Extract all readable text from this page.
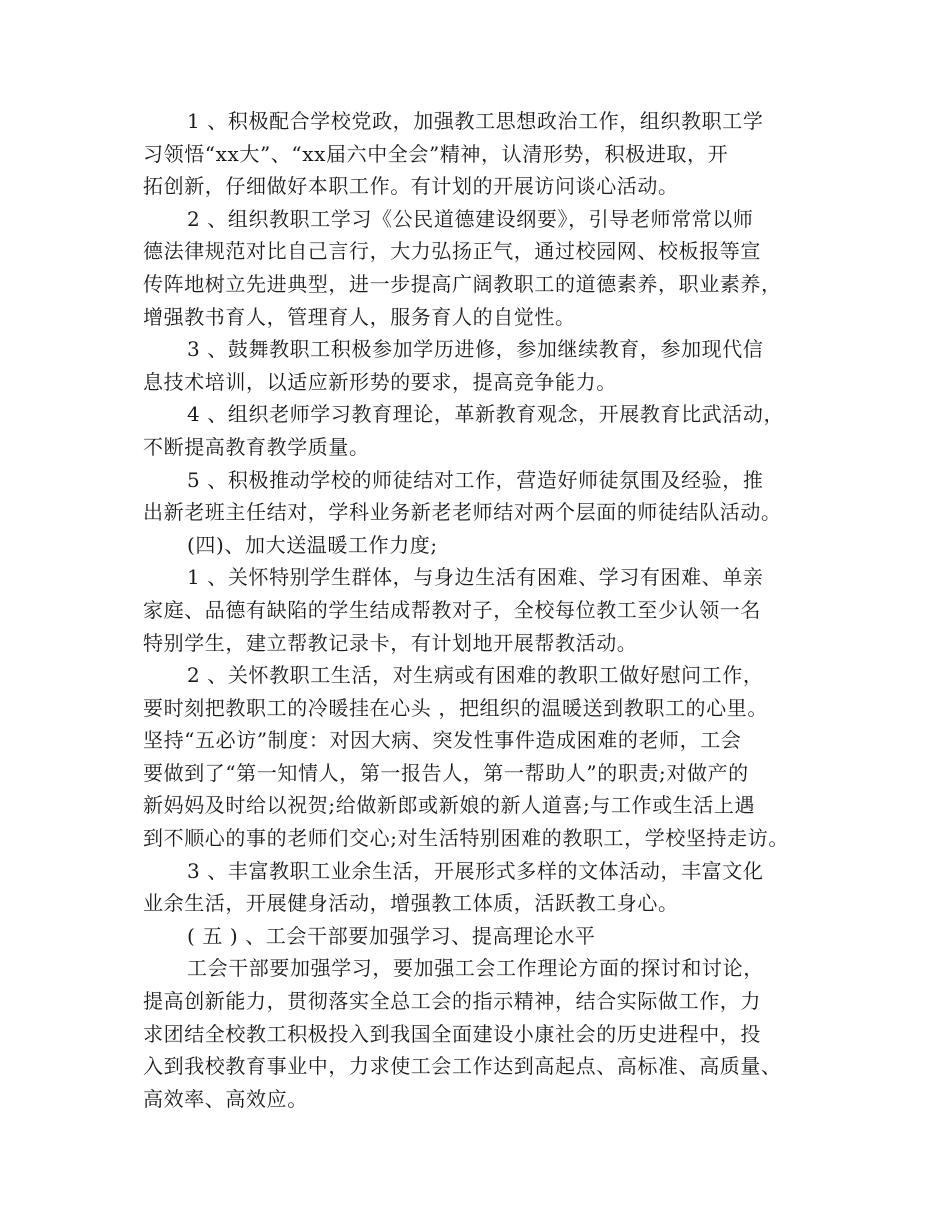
1 、积极配合学校党政，加强教工思想政治工作，组织教职工学
习领悟“xx大”、“xx届六中全会”精神，认清形势，积极进取，开
拓创新，仔细做好本职工作。有计划的开展访问谈心活动。

2 、组织教职工学习《公民道德建设纲要》，引导老师常常以师
德法律规范对比自己言行，大力弘扬正气，通过校园网、校板报等宣
传阵地树立先进典型，进一步提高广阔教职工的道德素养，职业素养，
增强教书育人，管理育人，服务育人的自觉性。

3 、鼓舞教职工积极参加学历进修，参加继续教育，参加现代信
息技术培训，以适应新形势的要求，提高竞争能力。

4 、组织老师学习教育理论，革新教育观念，开展教育比武活动，
不断提高教育教学质量。

5 、积极推动学校的师徒结对工作，营造好师徒氛围及经验，推
出新老班主任结对，学科业务新老老师结对两个层面的师徒结队活动。

(四)、加大送温暖工作力度;

1 、关怀特别学生群体，与身边生活有困难、学习有困难、单亲
家庭、品德有缺陷的学生结成帮教对子，全校每位教工至少认领一名
特别学生，建立帮教记录卡，有计划地开展帮教活动。

2 、关怀教职工生活，对生病或有困难的教职工做好慰问工作，
要时刻把教职工的冷暖挂在心头 ，把组织的温暖送到教职工的心里。
坚持“五必访”制度：对因大病、突发性事件造成困难的老师，工会
要做到了“第一知情人，第一报告人，第一帮助人”的职责;对做产的
新妈妈及时给以祝贺;给做新郎或新娘的新人道喜;与工作或生活上遇
到不顺心的事的老师们交心;对生活特别困难的教职工，学校坚持走访。

3 、丰富教职工业余生活，开展形式多样的文体活动，丰富文化
业余生活，开展健身活动，增强教工体质，活跃教工身心。

( 五 ) 、工会干部要加强学习、提高理论水平

工会干部要加强学习，要加强工会工作理论方面的探讨和讨论，
提高创新能力，贯彻落实全总工会的指示精神，结合实际做工作，力
求团结全校教工积极投入到我国全面建设小康社会的历史进程中，投
入到我校教育事业中，力求使工会工作达到高起点、高标准、高质量、
高效率、高效应。
